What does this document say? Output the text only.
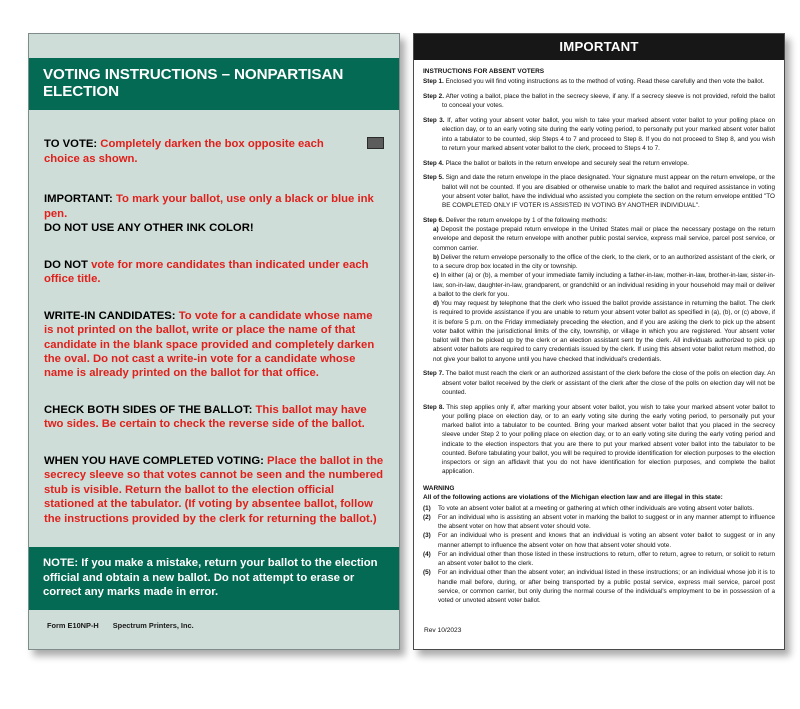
VOTING INSTRUCTIONS – NONPARTISAN ELECTION
TO VOTE: Completely darken the box opposite each choice as shown.
IMPORTANT: To mark your ballot, use only a black or blue ink pen.
DO NOT USE ANY OTHER INK COLOR!
DO NOT vote for more candidates than indicated under each office title.
WRITE-IN CANDIDATES: To vote for a candidate whose name is not printed on the ballot, write or place the name of that candidate in the blank space provided and completely darken the oval. Do not cast a write-in vote for a candidate whose name is already printed on the ballot for that office.
CHECK BOTH SIDES OF THE BALLOT: This ballot may have two sides. Be certain to check the reverse side of the ballot.
WHEN YOU HAVE COMPLETED VOTING: Place the ballot in the secrecy sleeve so that votes cannot be seen and the numbered stub is visible. Return the ballot to the election official stationed at the tabulator. (If voting by absentee ballot, follow the instructions provided by the clerk for returning the ballot.)
NOTE: If you make a mistake, return your ballot to the election official and obtain a new ballot. Do not attempt to erase or correct any marks made in error.
Form E10NP-H Spectrum Printers, Inc.
IMPORTANT
INSTRUCTIONS FOR ABSENT VOTERS
Step 1. Enclosed you will find voting instructions as to the method of voting. Read these carefully and then vote the ballot.
Step 2. After voting a ballot, place the ballot in the secrecy sleeve, if any. If a secrecy sleeve is not provided, refold the ballot to conceal your votes.
Step 3. If, after voting your absent voter ballot, you wish to take your marked absent voter ballot to your polling place on election day, or to an early voting site during the early voting period, to personally put your marked absent voter ballot into a tabulator to be counted, skip Steps 4 to 7 and proceed to Step 8. If you do not proceed to Step 8, and you wish to return your marked absent voter ballot to the clerk, proceed to Steps 4 to 7.
Step 4. Place the ballot or ballots in the return envelope and securely seal the return envelope.
Step 5. Sign and date the return envelope in the place designated. Your signature must appear on the return envelope, or the ballot will not be counted. If you are disabled or otherwise unable to mark the ballot and required assistance in voting your absent voter ballot, have the individual who assisted you complete the section on the return envelope entitled "TO BE COMPLETED ONLY IF VOTER IS ASSISTED IN VOTING BY ANOTHER INDIVIDUAL".
Step 6. Deliver the return envelope by 1 of the following methods:
a) Deposit the postage prepaid return envelope in the United States mail or place the necessary postage on the return envelope and deposit the return envelope with another public postal service, express mail service, parcel post service, or common carrier.
b) Deliver the return envelope personally to the office of the clerk, to the clerk, or to an authorized assistant of the clerk, or to a secure drop box located in the city or township.
c) In either (a) or (b), a member of your immediate family including a father-in-law, mother-in-law, brother-in-law, sister-in-law, son-in-law, daughter-in-law, grandparent, or grandchild or an individual residing in your household may mail or deliver a ballot to the clerk for you.
d) You may request by telephone that the clerk who issued the ballot provide assistance in returning the ballot. The clerk is required to provide assistance if you are unable to return your absent voter ballot as specified in (a), (b), or (c) above, if it is before 5 p.m. on the Friday immediately preceding the election, and if you are asking the clerk to pick up the absent voter ballot within the jurisdictional limits of the city, township, or village in which you are registered. Your absent voter ballot will then be picked up by the clerk or an election assistant sent by the clerk. All individuals authorized to pick up absent voter ballots are required to carry credentials issued by the clerk. If using this absent voter ballot return method, do not give your ballot to anyone until you have checked that individual's credentials.
Step 7. The ballot must reach the clerk or an authorized assistant of the clerk before the close of the polls on election day. An absent voter ballot received by the clerk or assistant of the clerk after the close of the polls on election day will not be counted.
Step 8. This step applies only if, after marking your absent voter ballot, you wish to take your marked absent voter ballot to your polling place on election day, or to an early voting site during the early voting period, to personally put your marked ballot into a tabulator to be counted. Bring your marked absent voter ballot that you placed in the secrecy sleeve under Step 2 to your polling place on election day, or to an early voting site during the early voting period and indicate to the election inspectors that you are there to put your marked absent voter ballot into the tabulator to be counted. Before tabulating your ballot, you will be required to provide identification for election purposes to the election inspectors or sign an affidavit that you do not have identification for election purposes, and complete the ballot application.
WARNING
All of the following actions are violations of the Michigan election law and are illegal in this state:
(1) To vote an absent voter ballot at a meeting or gathering at which other individuals are voting absent voter ballots.
(2) For an individual who is assisting an absent voter in marking the ballot to suggest or in any manner attempt to influence the absent voter on how that absent voter should vote.
(3) For an individual who is present and knows that an individual is voting an absent voter ballot to suggest or in any manner attempt to influence the absent voter on how that absent voter should vote.
(4) For an individual other than those listed in these instructions to return, offer to return, agree to return, or solicit to return an absent voter ballot to the clerk.
(5) For an individual other than the absent voter; an individual listed in these instructions; or an individual whose job it is to handle mail before, during, or after being transported by a public postal service, express mail service, parcel post service, or common carrier, but only during the normal course of the individual's employment to be in possession of a voted or unvoted absent voter ballot.
Rev 10/2023
